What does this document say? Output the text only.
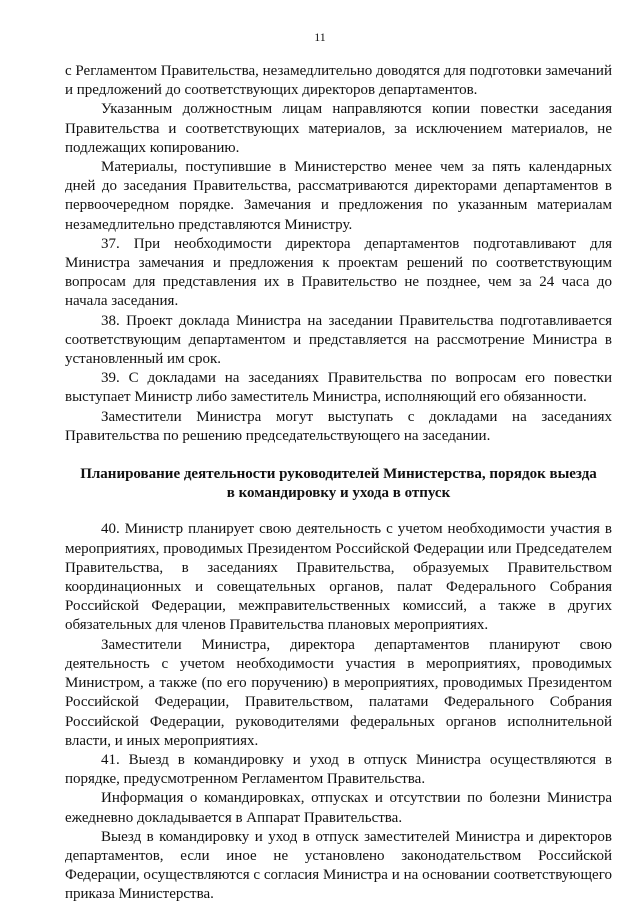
11

с Регламентом Правительства, незамедлительно доводятся для подготовки замечаний и предложений до соответствующих директоров департаментов.

Указанным должностным лицам направляются копии повестки заседания Правительства и соответствующих материалов, за исключением материалов, не подлежащих копированию.

Материалы, поступившие в Министерство менее чем за пять календарных дней до заседания Правительства, рассматриваются директорами департаментов в первоочередном порядке. Замечания и предложения по указанным материалам незамедлительно представляются Министру.

37. При необходимости директора департаментов подготавливают для Министра замечания и предложения к проектам решений по соответствующим вопросам для представления их в Правительство не позднее, чем за 24 часа до начала заседания.

38. Проект доклада Министра на заседании Правительства подготавливается соответствующим департаментом и представляется на рассмотрение Министра в установленный им срок.

39. С докладами на заседаниях Правительства по вопросам его повестки выступает Министр либо заместитель Министра, исполняющий его обязанности.

Заместители Министра могут выступать с докладами на заседаниях Правительства по решению председательствующего на заседании.

Планирование деятельности руководителей Министерства, порядок выезда
в командировку и ухода в отпуск

40. Министр планирует свою деятельность с учетом необходимости участия в мероприятиях, проводимых Президентом Российской Федерации или Председателем Правительства, в заседаниях Правительства, образуемых Правительством координационных и совещательных органов, палат Федерального Собрания Российской Федерации, межправительственных комиссий, а также в других обязательных для членов Правительства плановых мероприятиях.

Заместители Министра, директора департаментов планируют свою деятельность с учетом необходимости участия в мероприятиях, проводимых Министром, а также (по его поручению) в мероприятиях, проводимых Президентом Российской Федерации, Правительством, палатами Федерального Собрания Российской Федерации, руководителями федеральных органов исполнительной власти, и иных мероприятиях.

41. Выезд в командировку и уход в отпуск Министра осуществляются в порядке, предусмотренном Регламентом Правительства.

Информация о командировках, отпусках и отсутствии по болезни Министра ежедневно докладывается в Аппарат Правительства.

Выезд в командировку и уход в отпуск заместителей Министра и директоров департаментов, если иное не установлено законодательством Российской Федерации, осуществляются с согласия Министра и на основании соответствующего приказа Министерства.
